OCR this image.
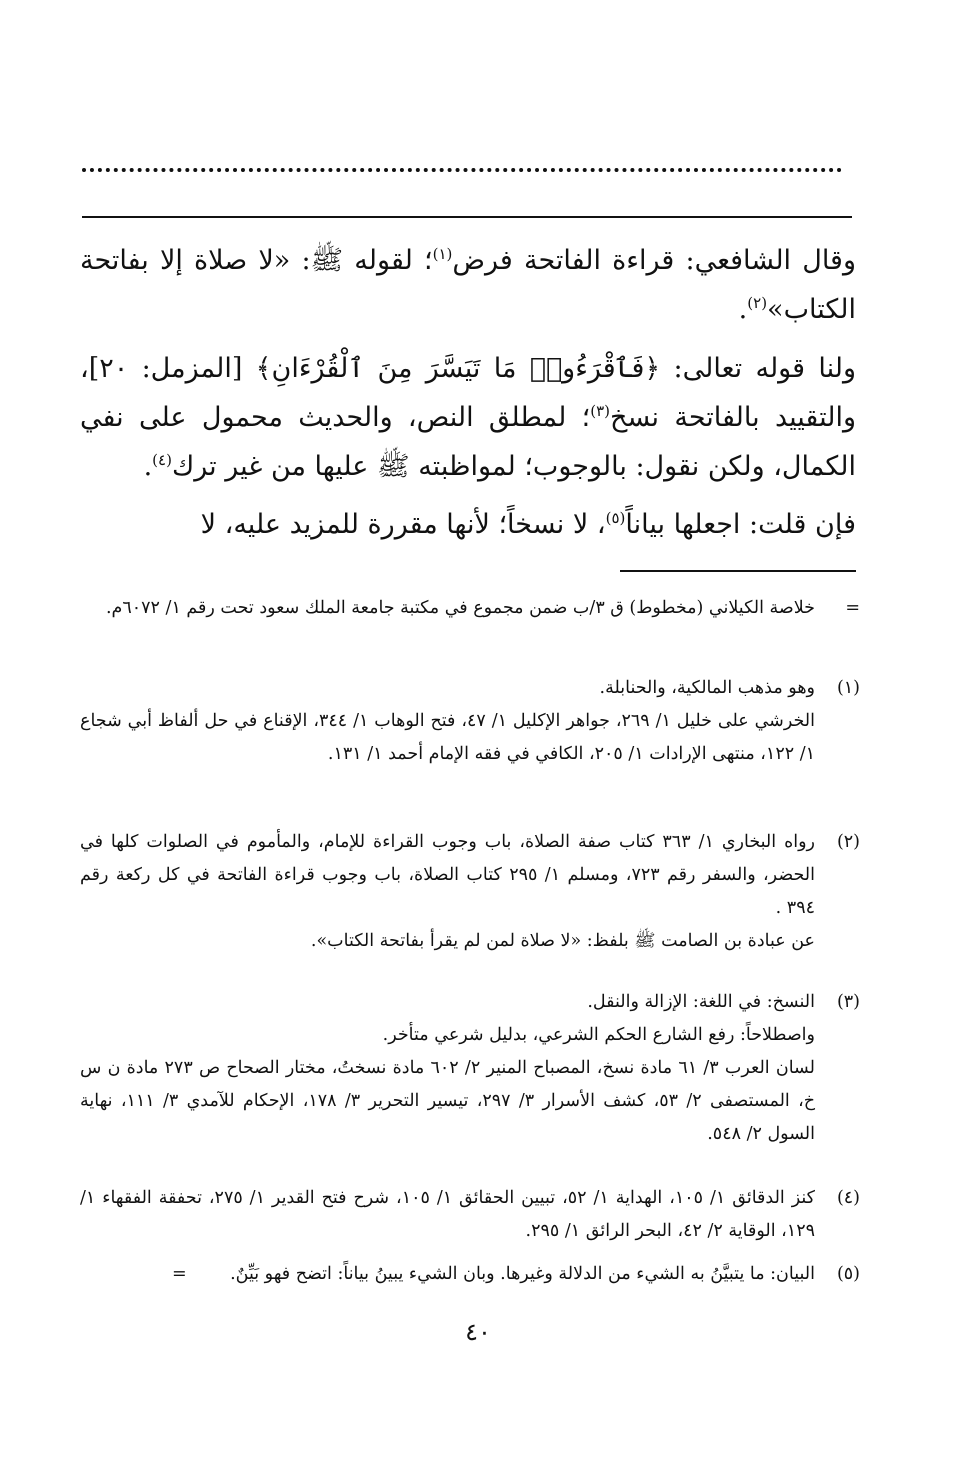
وقال الشافعي: قراءة الفاتحة فرض$^{(١)}$؛ لقوله ﷺ: «لا صلاة إلا بفاتحة الكتاب»$^{(٢)}$.

ولنا قوله تعالى: ﴿فَٱقْرَءُوا۟ مَا تَيَسَّرَ مِنَ ٱلْقُرْءَانِ﴾ [المزمل: ٢٠]، والتقييد بالفاتحة نسخ$^{(٣)}$؛ لمطلق النص، والحديث محمول على نفي الكمال، ولكن نقول: بالوجوب؛ لمواظبته ﷺ عليها من غير ترك$^{(٤)}$.

فإن قلت: اجعلها بياناً$^{(٥)}$، لا نسخاً؛ لأنها مقررة للمزيد عليه، لا

=
خلاصة الكيلاني (مخطوط) ق ٣/ب ضمن مجموع في مكتبة جامعة الملك سعود تحت رقم ١/ ٦٠٧٢م.
(١)
وهو مذهب المالكية، والحنابلة.
الخرشي على خليل ١/ ٢٦٩، جواهر الإكليل ١/ ٤٧، فتح الوهاب ١/ ٣٤٤، الإقناع في حل ألفاظ أبي شجاع ١/ ١٢٢، منتهى الإرادات ١/ ٢٠٥، الكافي في فقه الإمام أحمد ١/ ١٣١.
(٢)
رواه البخاري ١/ ٣٦٣ كتاب صفة الصلاة، باب وجوب القراءة للإمام، والمأموم في الصلوات كلها في الحضر، والسفر رقم ٧٢٣، ومسلم ١/ ٢٩٥ كتاب الصلاة، باب وجوب قراءة الفاتحة في كل ركعة رقم ٣٩٤ .
عن عبادة بن الصامت ﷺ بلفظ: «لا صلاة لمن لم يقرأ بفاتحة الكتاب».
(٣)
النسخ: في اللغة: الإزالة والنقل.
واصطلاحاً: رفع الشارع الحكم الشرعي، بدليل شرعي متأخر.
لسان العرب ٣/ ٦١ مادة نسخ، المصباح المنير ٢/ ٦٠٢ مادة نسختُ، مختار الصحاح ص ٢٧٣ مادة ن س خ، المستصفى ٢/ ٥٣، كشف الأسرار ٣/ ٢٩٧، تيسير التحرير ٣/ ١٧٨، الإحكام للآمدي ٣/ ١١١، نهاية السول ٢/ ٥٤٨.
(٤)
كنز الدقائق ١/ ١٠٥، الهداية ١/ ٥٢، تبيين الحقائق ١/ ١٠٥، شرح فتح القدير ١/ ٢٧٥، تحفقة الفقهاء ١/ ١٢٩، الوقاية ٢/ ٤٢، البحر الرائق ١/ ٢٩٥.
(٥)
البيان: ما يتبيَّنُ به الشيء من الدلالة وغيرها. وبان الشيء يبينُ بياناً: اتضح فهو بَيِّنٌ.
=
٤٠
